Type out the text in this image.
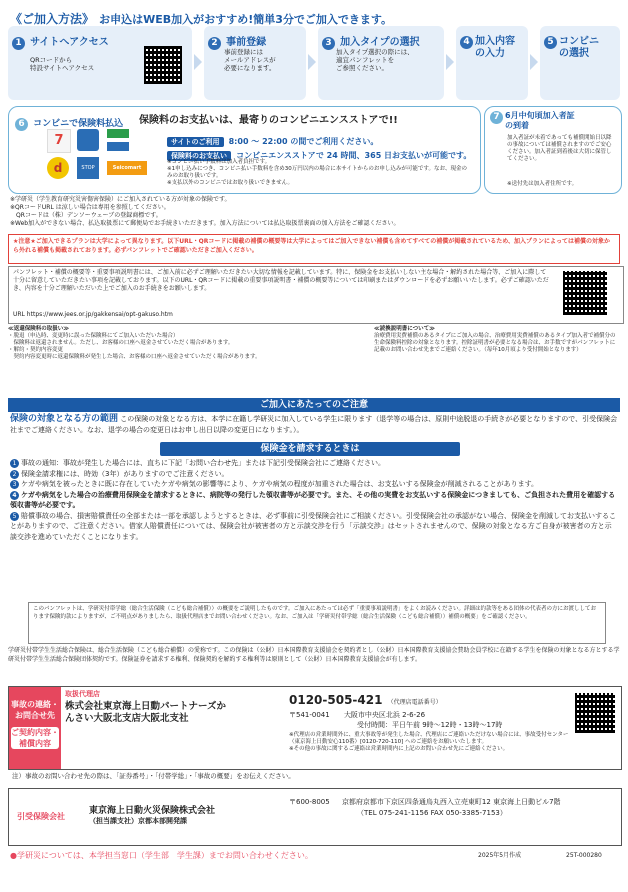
《ご加入方法》 お申込はWEB加入がおすすめ!簡単3分でご加入できます。
1 サイトへアクセス
QRコードから
特設サイトへアクセス
2 事前登録
事前登録には
メールアドレスが
必要になります。
3 加入タイプの選択
加入タイプ選択の際には、
適宜パンフレットを
ご参照ください。
4 加入内容
の入力
5 コンビニ
の選択
6 コンビニで保険料払込 保険料のお支払いは、最寄りのコンビニエンスストアで!!
7
d	STOP	Seicomart
サイトのご利用 8:00 ～ 22:00 の間でご利用ください。
保険料のお支払い コンビニエンスストアで 24 時間、365 日お支払いが可能です。
※コンビニ払い手数料は加入者負担です。
※1申し込みにつき、コンビニ払い手数料を含め30万円以内の場合に本サイトからのお申し込みが可能です。なお、現金のみのお取り扱いです。
※支払以外のコンビニではお取り扱いできません。
7 6月中旬頃加入者証
の到着
加入者証が未着であっても補償開始日以降の事故については補償されますのでご安心ください。加入者証到着後は大切に保管してください。
※送付先は加入者住所です。
※学研災（学生教育研究災害傷害保険）にご加入されている方が対象の保険です。
※QRコードURL は涼しい場合は専用を参照してください。
　QRコードは（株）デンソーウェーブの登録商標です。
※Web加入ができない場合、払込取扱票にて郵便局でお手続きいただきます。加入方法については払込取扱票裏面の加入方法をご確認ください。
★注意★ご加入できるプランは大学によって異なります。以下URL・QRコードに掲載の補償の概要等は大学によってはご加入できない補償も含めてすべての補償が掲載されているため、加入プランによっては補償の対象から外れる補償も掲載されております。必ずパンフレットでご確認いただきご加入ください。
パンフレット・補償の概要等・重要事項説明書には、ご加入前に必ずご理解いただきたい大切な情報を記載しています。特に、保険金をお支払いしない主な場合・解約された場合等、ご加入に際して十分に留意していただきたい事項を記載しております。以下のURL・QRコードに掲載の重要事項説明書・補償の概要等については印刷またはダウンロードを必ずお願いいたします。必ずご確認いただき、内容を十分ご理解いただいた上でご加入のお手続きをお願いします。
URL https://www.jees.or.jp/gakkensai/opt-gakuso.htm
≪返還保険料の取扱い≫
・脱退（申込時、変更時に誤った保険料にてご加入いただいた場合）
　保険料は返還されません。ただし、お客様の口座へ返金させていただく場合があります。
・解約・契約内容変更
　契約内容変更時に返還保険料が発生した場合、お客様の口座へ返金させていただく場合があります。
≪読換説明書について≫
治療費用実費補償のあるタイプにご加入の場合、治療費用実費補償のあるタイプ加入者で補償分の生命保険料控除の対象となります。控除証明書が必要となる場合は、お手数ですがパンフレットに記載のお問い合わせ先までご連絡ください。（毎年10月頃より受付開始となります）
ご加入にあたってのご注意
保険の対象となる方の範囲 この保険の対象となる方は、本学に在籍し学研災に加入している学生に限ります（退学等の場合は、原則中途脱退の手続きが必要となりますので、引受保険会社までご連絡ください。なお、退学の場合の変更日はお申し出日以降の変更日になります。）。
保険金を請求するときは
1 事故の通知：事故が発生した場合には、直ちに下記「お問い合わせ先」または下記引受保険会社にご連絡ください。
2 保険金請求権には、時効（3年）がありますのでご注意ください。
3 ケガや病気を被ったときに既に存在していたケガや病気の影響等により、ケガや病気の程度が加重された場合は、お支払いする保険金が削減されることがあります。
4 ケガや病気をした場合の治療費用保険金を請求するときに、病院等の発行した領収書等が必要です。また、その他の実費をお支払いする保険金につきましても、ご負担された費用を確認する領収書等が必要です。
5 賠償事故の場合、損害賠償責任の全部または一部を承認しようとするときは、必ず事前に引受保険会社にご相談ください。引受保険会社の承認がない場合、保険金を削減してお支払いすることがありますので、ご注意ください。借家人賠償責任については、保険会社が被害者の方と示談交渉を行う「示談交渉」はセットされませんので、保険の対象となる方ご自身が被害者の方と示談交渉を進めていただくことになります。
このパンフレットは、学研災付帯学総（総合生活保険（こども総合補償））の概要をご説明したものです。ご加入にあたっては必ず「重要事項説明書」をよくお読みください。詳細は約款等をある団体の代表者の方にお渡ししております保険約款によりますが、ご不明点がありましたら、取扱代理店までお問い合わせください。なお、ご加入は「学研災付帯学総（総合生活保険（こども総合補償））補償の概要」をご確認ください。
学研災付帯学生生活総合保険は、総合生活保険（こども総合補償）の愛称です。この保険は（公財）日本国際教育支援協会を契約者とし（公財）日本国際教育支援協会賛助会員学校に在籍する学生を保険の対象となる方とする学研災付帯学生生活総合保険団体契約です。保険証券を請求する権利、保険契約を解約する権利等は原則として（公財）日本国際教育支援協会が有します。
事故の連絡・
お問合せ先
ご契約内容・
補償内容
取扱代理店
株式会社東京海上日動パートナーズかんさい大阪北支店大阪北支社
0120-505-421 （代理店電話番号）
〒541-0041 大阪市中央区北浜 2-6-26
受付時間：平日午前 9時～12時・13時～17時
※代理店の営業時間外に、重大事故等が発生した場合、代理店にご連絡いただけない場合には、事故受付センター（東京海上日動安心110番）[0120-720-110] へのご連絡をお願いいたします。
※その他の事故に関するご連絡は営業時間内に上記のお問い合わせ先にご連絡ください。
注）事故のお問い合わせ先の際は、「証券番号」・「付帯学総」・「事故の概要」をお伝えください。
引受保険会社
東京海上日動火災保険株式会社
（担当課支社）京都本部開発課
〒600-8005 京都府京都市下京区四条通烏丸西入立売東町12 東京海上日動ビル7階
（TEL 075-241-1156 FAX 050-3385-7153）
●学研災については、本学担当窓口（学生部　学生課）までお問い合わせください。	2025年5月作成	25T-000280
